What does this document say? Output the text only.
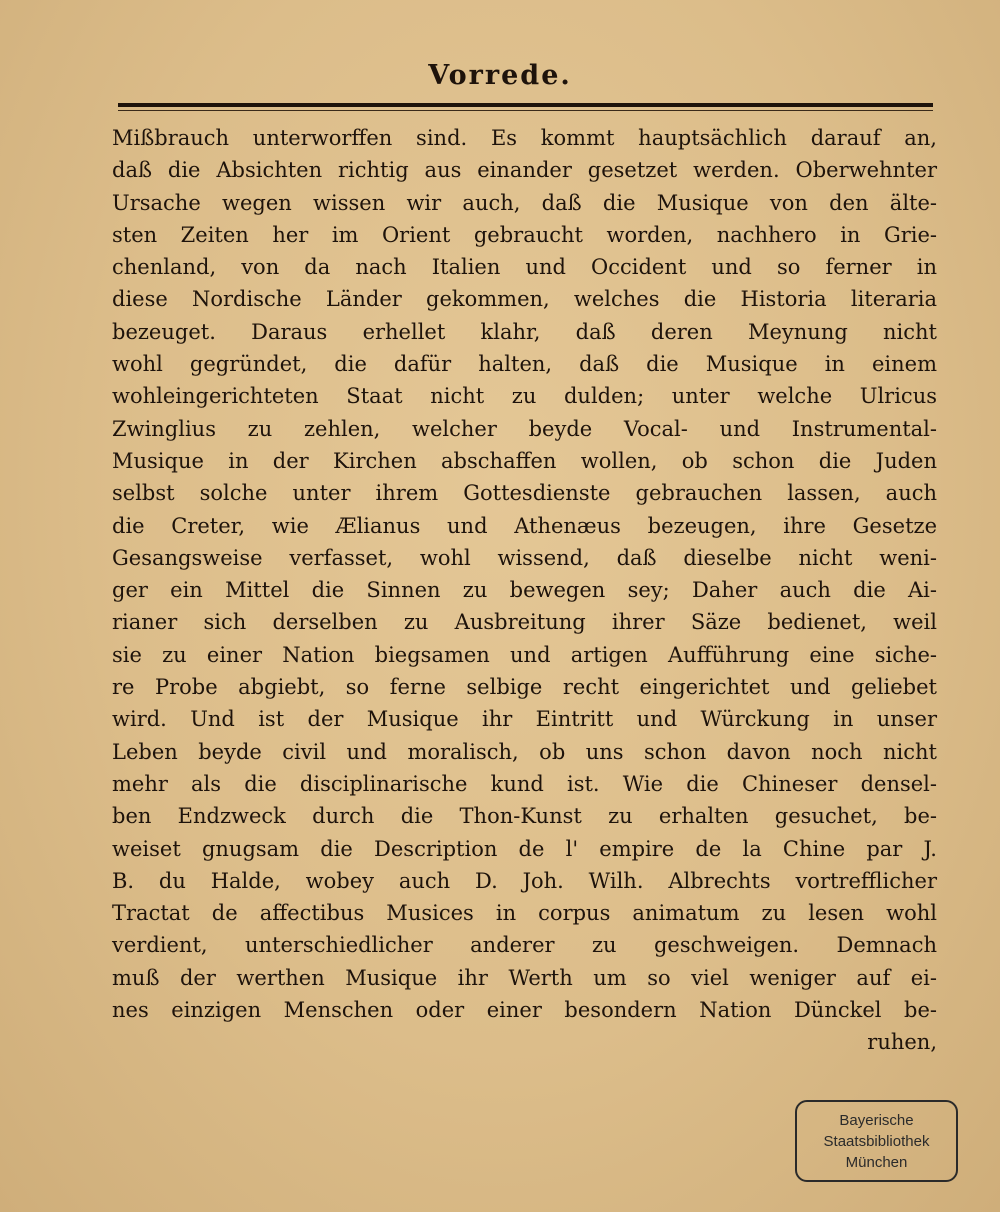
Vorrede.
Mißbrauch unterworffen sind. Es kommt hauptsächlich darauf an,
daß die Absichten richtig aus einander gesetzet werden. Oberwehnter
Ursache wegen wissen wir auch, daß die Musique von den älte-
sten Zeiten her im Orient gebraucht worden, nachhero in Grie-
chenland, von da nach Italien und Occident und so ferner in
diese Nordische Länder gekommen, welches die Historia literaria
bezeuget. Daraus erhellet klahr, daß deren Meynung nicht
wohl gegründet, die dafür halten, daß die Musique in einem
wohleingerichteten Staat nicht zu dulden; unter welche Ulricus
Zwinglius zu zehlen, welcher beyde Vocal- und Instrumental-
Musique in der Kirchen abschaffen wollen, ob schon die Juden
selbst solche unter ihrem Gottesdienste gebrauchen lassen, auch
die Creter, wie Ælianus und Athenæus bezeugen, ihre Gesetze
Gesangsweise verfasset, wohl wissend, daß dieselbe nicht weni-
ger ein Mittel die Sinnen zu bewegen sey; Daher auch die Ai-
rianer sich derselben zu Ausbreitung ihrer Säze bedienet, weil
sie zu einer Nation biegsamen und artigen Aufführung eine siche-
re Probe abgiebt, so ferne selbige recht eingerichtet und geliebet
wird. Und ist der Musique ihr Eintritt und Würckung in unser
Leben beyde civil und moralisch, ob uns schon davon noch nicht
mehr als die disciplinarische kund ist. Wie die Chineser densel-
ben Endzweck durch die Thon-Kunst zu erhalten gesuchet, be-
weiset gnugsam die Description de l' empire de la Chine par J.
B. du Halde, wobey auch D. Joh. Wilh. Albrechts vortrefflicher
Tractat de affectibus Musices in corpus animatum zu lesen wohl
verdient, unterschiedlicher anderer zu geschweigen. Demnach
muß der werthen Musique ihr Werth um so viel weniger auf ei-
nes einzigen Menschen oder einer besondern Nation Dünckel be-
ruhen,
Bayerische
Staatsbibliothek
München
